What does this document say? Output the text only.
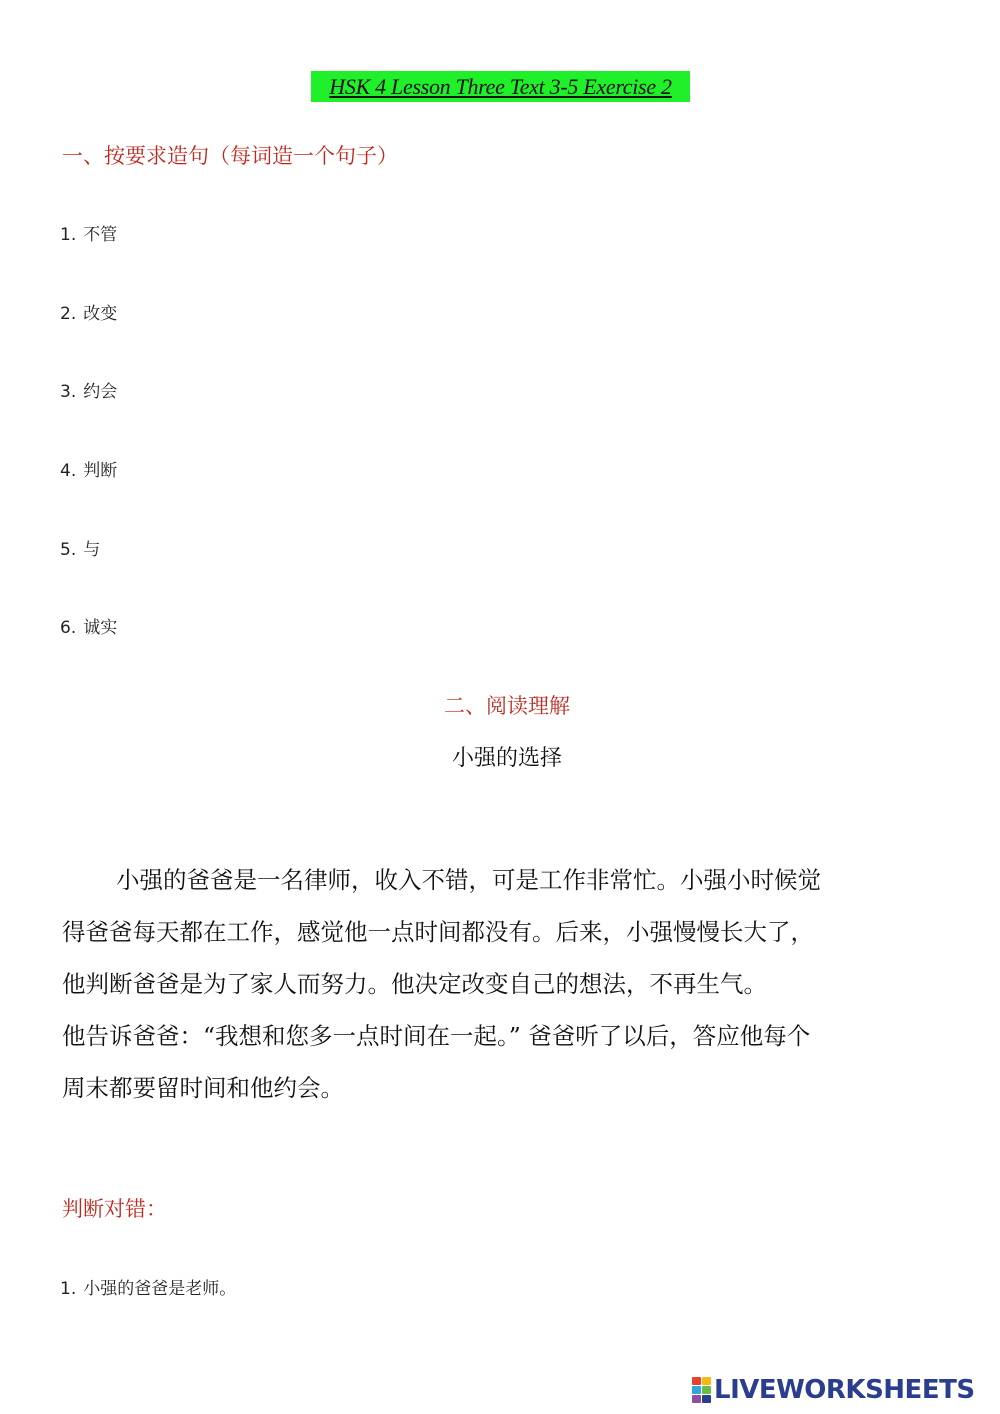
HSK 4 Lesson Three Text 3-5 Exercise 2
一、按要求造句（每词造一个句子）
1. 不管
2. 改变
3. 约会
4. 判断
5. 与
6. 诚实
二、阅读理解
小强的选择
小强的爸爸是一名律师，收入不错，可是工作非常忙。小强小时候觉
得爸爸每天都在工作，感觉他一点时间都没有。后来，小强慢慢长大了，
他判断爸爸是为了家人而努力。他决定改变自己的想法，不再生气。
他告诉爸爸：“我想和您多一点时间在一起。” 爸爸听了以后，答应他每个
周末都要留时间和他约会。
判断对错：
1. 小强的爸爸是老师。
LIVEWORKSHEETS
